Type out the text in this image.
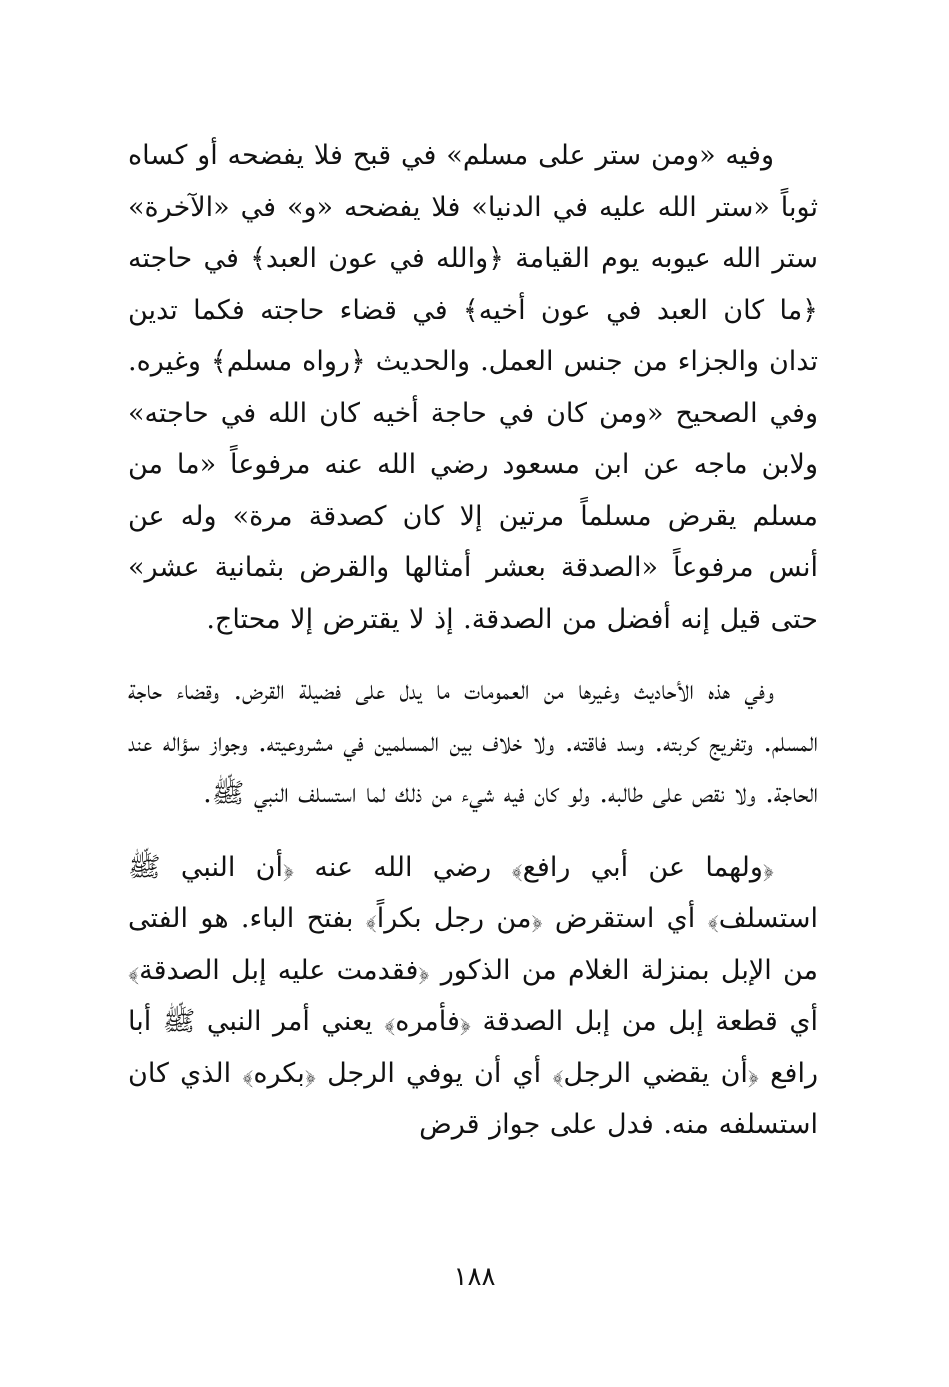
وفيه «ومن ستر على مسلم» في قبح فلا يفضحه أو كساه ثوباً «ستر الله عليه في الدنيا» فلا يفضحه «و» في «الآخرة» ستر الله عيوبه يوم القيامة ﴿والله في عون العبد﴾ في حاجته ﴿ما كان العبد في عون أخيه﴾ في قضاء حاجته فكما تدين تدان والجزاء من جنس العمل. والحديث ﴿رواه مسلم﴾ وغيره. وفي الصحيح «ومن كان في حاجة أخيه كان الله في حاجته» ولابن ماجه عن ابن مسعود رضي الله عنه مرفوعاً «ما من مسلم يقرض مسلماً مرتين إلا كان كصدقة مرة» وله عن أنس مرفوعاً «الصدقة بعشر أمثالها والقرض بثمانية عشر» حتى قيل إنه أفضل من الصدقة. إذ لا يقترض إلا محتاج.

وفي هذه الأحاديث وغيرها من العمومات ما يدل على فضيلة القرض. وقضاء حاجة المسلم. وتفريج كربته. وسد فاقته. ولا خلاف بين المسلمين في مشروعيته. وجواز سؤاله عند الحاجة. ولا نقص على طالبه. ولو كان فيه شيء من ذلك لما استسلف النبي ﷺ.

﴿ولهما عن أبي رافع﴾ رضي الله عنه ﴿أن النبي ﷺ استسلف﴾ أي استقرض ﴿من رجل بكراً﴾ بفتح الباء. هو الفتى من الإبل بمنزلة الغلام من الذكور ﴿فقدمت عليه إبل الصدقة﴾ أي قطعة إبل من إبل الصدقة ﴿فأمره﴾ يعني أمر النبي ﷺ أبا رافع ﴿أن يقضي الرجل﴾ أي أن يوفي الرجل ﴿بكره﴾ الذي كان استسلفه منه. فدل على جواز قرض

١٨٨
